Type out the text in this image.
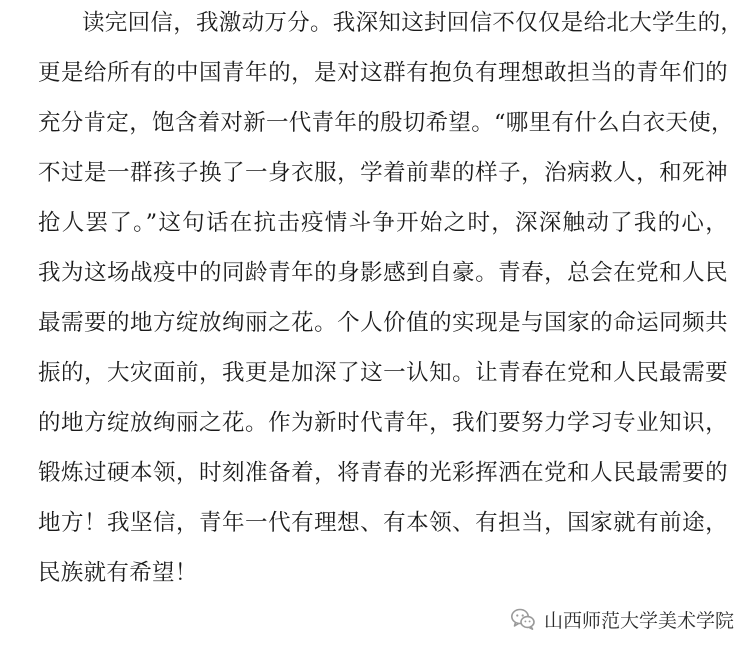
读完回信，我激动万分。我深知这封回信不仅仅是给北大学生的，
更是给所有的中国青年的，是对这群有抱负有理想敢担当的青年们的
充分肯定，饱含着对新一代青年的殷切希望。“哪里有什么白衣天使，
不过是一群孩子换了一身衣服，学着前辈的样子，治病救人，和死神
抢人罢了。”这句话在抗击疫情斗争开始之时，深深触动了我的心，
我为这场战疫中的同龄青年的身影感到自豪。青春，总会在党和人民
最需要的地方绽放绚丽之花。个人价值的实现是与国家的命运同频共
振的，大灾面前，我更是加深了这一认知。让青春在党和人民最需要
的地方绽放绚丽之花。作为新时代青年，我们要努力学习专业知识，
锻炼过硬本领，时刻准备着，将青春的光彩挥洒在党和人民最需要的
地方！我坚信，青年一代有理想、有本领、有担当，国家就有前途，
民族就有希望！
山西师范大学美术学院
